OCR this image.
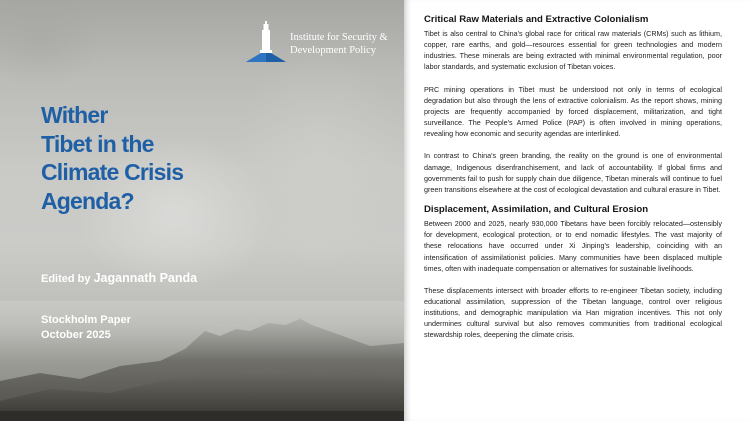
Institute for Security &
Development Policy
Wither
Tibet in the
Climate Crisis
Agenda?
Edited by Jagannath Panda
Stockholm Paper
October 2025
Critical Raw Materials and Extractive Colonialism

Tibet is also central to China's global race for critical raw materials (CRMs) such as lithium, copper, rare earths, and gold—resources essential for green technologies and modern industries. These minerals are being extracted with minimal environmental regulation, poor labor standards, and systematic exclusion of Tibetan voices.

PRC mining operations in Tibet must be understood not only in terms of ecological degradation but also through the lens of extractive colonialism. As the report shows, mining projects are frequently accompanied by forced displacement, militarization, and tight surveillance. The People's Armed Police (PAP) is often involved in mining operations, revealing how economic and security agendas are interlinked.

In contrast to China's green branding, the reality on the ground is one of environmental damage, Indigenous disenfranchisement, and lack of accountability. If global firms and governments fail to push for supply chain due diligence, Tibetan minerals will continue to fuel green transitions elsewhere at the cost of ecological devastation and cultural erasure in Tibet.

Displacement, Assimilation, and Cultural Erosion

Between 2000 and 2025, nearly 930,000 Tibetans have been forcibly relocated—ostensibly for development, ecological protection, or to end nomadic lifestyles. The vast majority of these relocations have occurred under Xi Jinping's leadership, coinciding with an intensification of assimilationist policies. Many communities have been displaced multiple times, often with inadequate compensation or alternatives for sustainable livelihoods.

These displacements intersect with broader efforts to re-engineer Tibetan society, including educational assimilation, suppression of the Tibetan language, control over religious institutions, and demographic manipulation via Han migration incentives. This not only undermines cultural survival but also removes communities from traditional ecological stewardship roles, deepening the climate crisis.
